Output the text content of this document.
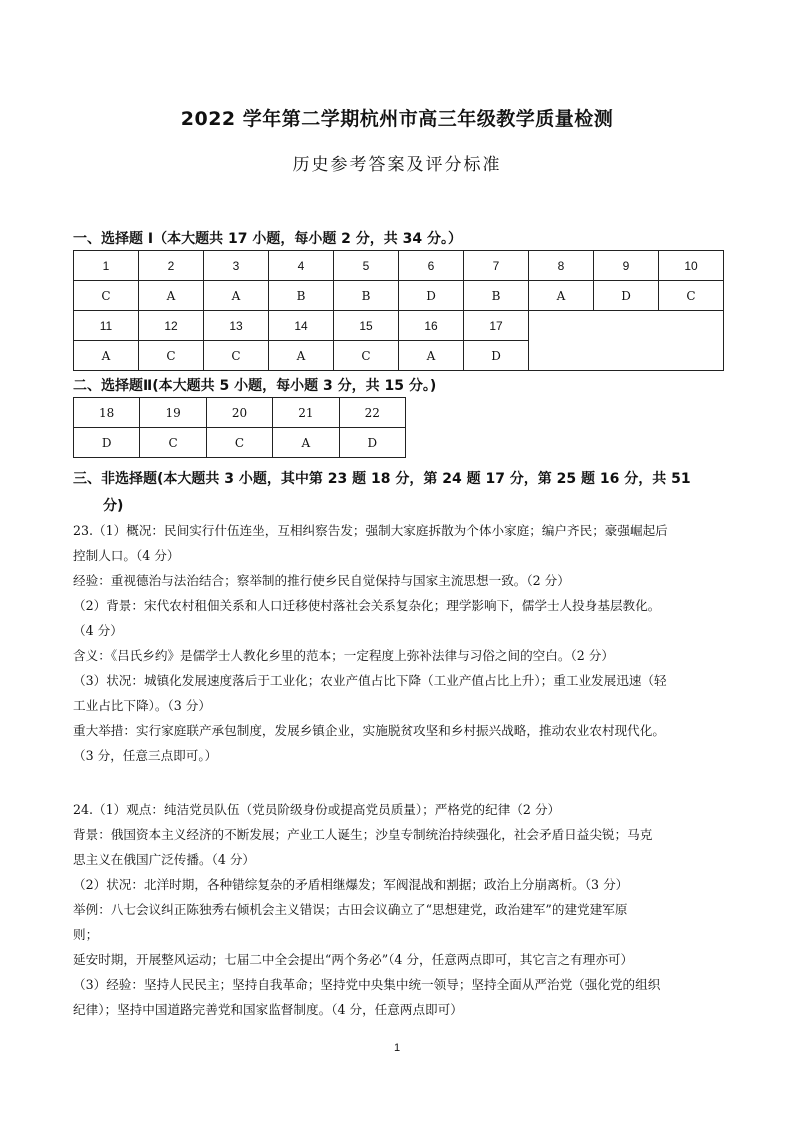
2022 学年第二学期杭州市高三年级教学质量检测
历史参考答案及评分标准
一、选择题 I（本大题共 17 小题，每小题 2 分，共 34 分。）
1	2	3	4	5	6	7	8	9	10
C	A	A	B	B	D	B	A	D	C
11	12	13	14	15	16	17			
A	C	C	A	C	A	D			
二、选择题Ⅱ(本大题共 5 小题，每小题 3 分，共 15 分。)
18	19	20	21	22
D	C	C	A	D
三、非选择题(本大题共 3 小题，其中第 23 题 18 分，第 24 题 17 分，第 25 题 16 分，共 51
分)
23.（1）概况：民间实行什伍连坐，互相纠察告发；强制大家庭拆散为个体小家庭；编户齐民；豪强崛起后
控制人口。（4 分）
经验：重视德治与法治结合；察举制的推行使乡民自觉保持与国家主流思想一致。（2 分）
（2）背景：宋代农村租佃关系和人口迁移使村落社会关系复杂化；理学影响下，儒学士人投身基层教化。
（4 分）
含义：《吕氏乡约》是儒学士人教化乡里的范本；一定程度上弥补法律与习俗之间的空白。（2 分）
（3）状况：城镇化发展速度落后于工业化；农业产值占比下降（工业产值占比上升）；重工业发展迅速（轻
工业占比下降）。（3 分）
重大举措：实行家庭联产承包制度，发展乡镇企业，实施脱贫攻坚和乡村振兴战略，推动农业农村现代化。
（3 分，任意三点即可。）
24.（1）观点：纯洁党员队伍（党员阶级身份或提高党员质量）；严格党的纪律（2 分）
背景：俄国资本主义经济的不断发展；产业工人诞生；沙皇专制统治持续强化，社会矛盾日益尖锐；马克
思主义在俄国广泛传播。（4 分）
（2）状况：北洋时期，各种错综复杂的矛盾相继爆发；军阀混战和割据；政治上分崩离析。（3 分）
举例：八七会议纠正陈独秀右倾机会主义错误；古田会议确立了“思想建党，政治建军”的建党建军原
则；
延安时期，开展整风运动；七届二中全会提出“两个务必”（4 分，任意两点即可，其它言之有理亦可）
（3）经验：坚持人民民主；坚持自我革命；坚持党中央集中统一领导；坚持全面从严治党（强化党的组织
纪律）；坚持中国道路完善党和国家监督制度。（4 分，任意两点即可）
1
